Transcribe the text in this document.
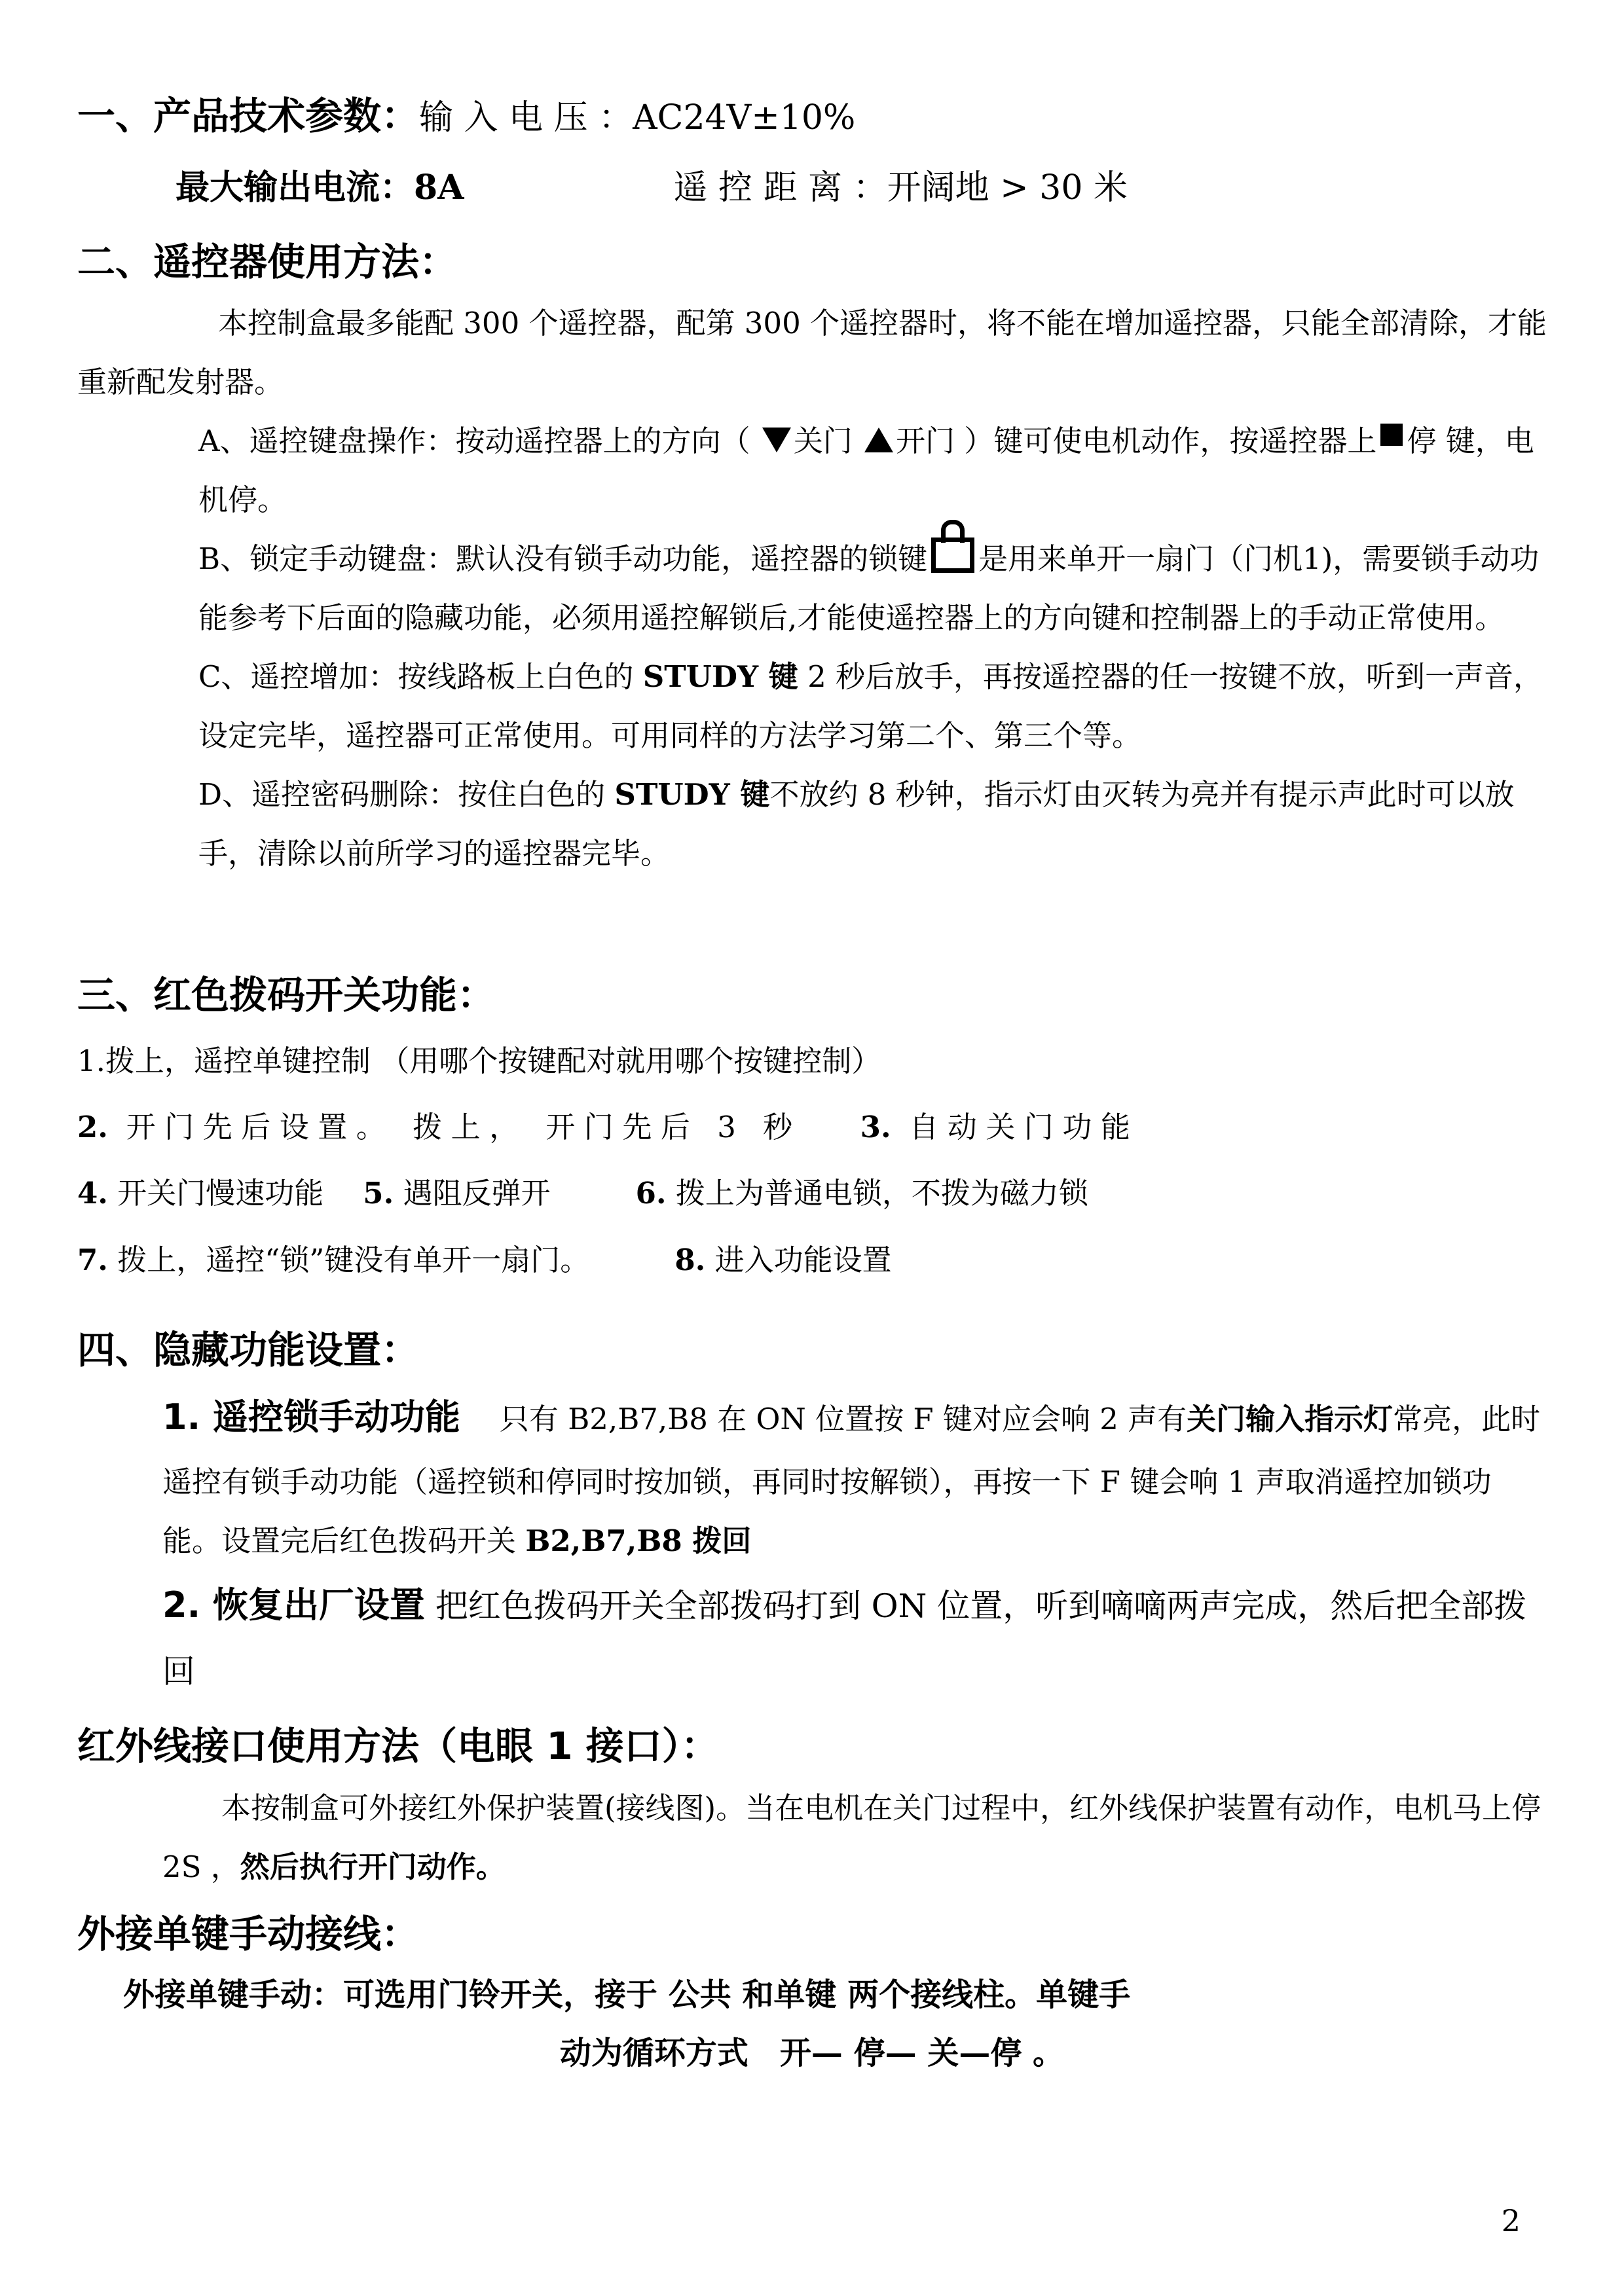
一、产品技术参数：输 入 电 压 ：AC24V±10%
最大输出电流：8A	遥 控 距 离 ：开阔地 > 30 米
二、遥控器使用方法：
本控制盒最多能配 300 个遥控器，配第 300 个遥控器时，将不能在增加遥控器，只能全部清除，才能重新配发射器。
A、遥控键盘操作：按动遥控器上的方向（ 关门 开门 ）键可使电机动作，按遥控器上 停 键，电机停。
B、锁定手动键盘：默认没有锁手动功能，遥控器的锁键 是用来单开一扇门（门机1)，需要锁手动功能参考下后面的隐藏功能，必须用遥控解锁后,才能使遥控器上的方向键和控制器上的手动正常使用。
C、遥控增加：按线路板上白色的 STUDY 键 2 秒后放手，再按遥控器的任一按键不放，听到一声音，设定完毕，遥控器可正常使用。可用同样的方法学习第二个、第三个等。
D、遥控密码删除：按住白色的 STUDY 键不放约 8 秒钟，指示灯由灭转为亮并有提示声此时可以放手，清除以前所学习的遥控器完毕。
三、红色拨码开关功能：
1.拨上，遥控单键控制 （用哪个按键配对就用哪个按键控制）
2. 开门先后设置。 拨上， 开门先后 3 秒 3. 自动关门功能
4. 开关门慢速功能 5. 遇阻反弹开	6. 拨上为普通电锁，不拨为磁力锁
7. 拨上，遥控“锁”键没有单开一扇门。	8. 进入功能设置
四、隐藏功能设置：
1. 遥控锁手动功能 只有 B2,B7,B8 在 ON 位置按 F 键对应会响 2 声有关门输入指示灯常亮，此时遥控有锁手动功能（遥控锁和停同时按加锁，再同时按解锁），再按一下 F 键会响 1 声取消遥控加锁功能。设置完后红色拨码开关 B2,B7,B8 拨回
2. 恢复出厂设置 把红色拨码开关全部拨码打到 ON 位置，听到嘀嘀两声完成，然后把全部拨回
红外线接口使用方法（电眼 1 接口）：
本按制盒可外接红外保护装置(接线图)。当在电机在关门过程中，红外线保护装置有动作，电机马上停 2S ，然后执行开门动作。
外接单键手动接线：
外接单键手动：可选用门铃开关，接于 公共 和单键 两个接线柱。单键手
动为循环方式　开— 停— 关—停 。
2
